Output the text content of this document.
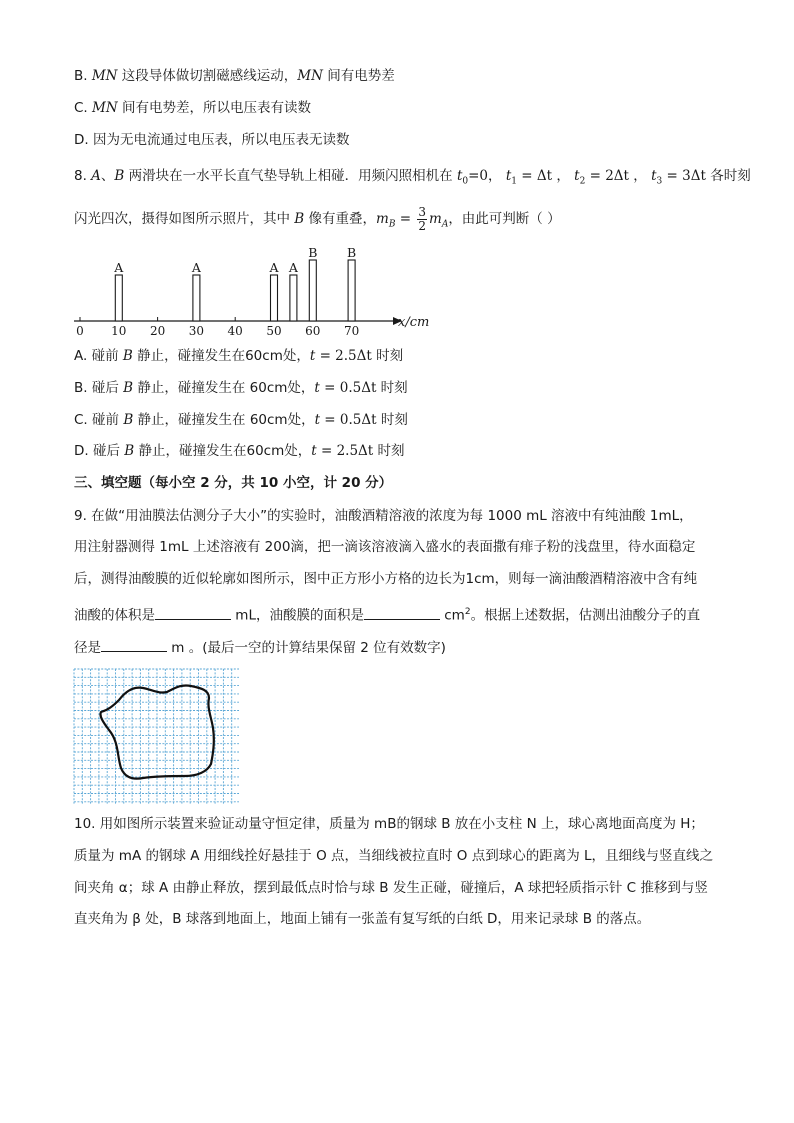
B. MN 这段导体做切割磁感线运动，MN 间有电势差
C. MN 间有电势差，所以电压表有读数
D. 因为无电流通过电压表，所以电压表无读数
8. A、B 两滑块在一水平长直气垫导轨上相碰．用频闪照相机在 $t_0=0$， $t_1 = \Delta t$ ， $t_2 = 2\Delta t$ ， $t_3 = 3\Delta t$ 各时刻
闪光四次，摄得如图所示照片，其中 B 像有重叠，$m_B = \frac{3}{2} m_A$，由此可判断（ ）
x/cm
0 10 20 30 40 50 60 70
A	A	A A
B B
A. 碰前 B 静止，碰撞发生在60cm处，t = 2.5Δt 时刻
B. 碰后 B 静止，碰撞发生在 60cm处，t = 0.5Δt 时刻
C. 碰前 B 静止，碰撞发生在 60cm处，t = 0.5Δt 时刻
D. 碰后 B 静止，碰撞发生在60cm处，t = 2.5Δt 时刻
三、填空题（每小空 2 分，共 10 小空，计 20 分）
9. 在做“用油膜法估测分子大小”的实验时，油酸酒精溶液的浓度为每 1000 mL 溶液中有纯油酸 1mL，
用注射器测得 1mL 上述溶液有 200滴，把一滴该溶液滴入盛水的表面撒有痱子粉的浅盘里，待水面稳定
后，测得油酸膜的近似轮廓如图所示，图中正方形小方格的边长为1cm，则每一滴油酸酒精溶液中含有纯
油酸的体积是	mL，油酸膜的面积是	$cm^2$。根据上述数据，估测出油酸分子的直
径是	m 。(最后一空的计算结果保留 2 位有效数字)
10. 用如图所示装置来验证动量守恒定律，质量为 mB的钢球 B 放在小支柱 N 上，球心离地面高度为 H；
质量为 mA 的钢球 A 用细线拴好悬挂于 O 点，当细线被拉直时 O 点到球心的距离为 L，且细线与竖直线之
间夹角 α；球 A 由静止释放，摆到最低点时恰与球 B 发生正碰，碰撞后，A 球把轻质指示针 C 推移到与竖
直夹角为 β 处，B 球落到地面上，地面上铺有一张盖有复写纸的白纸 D，用来记录球 B 的落点。
